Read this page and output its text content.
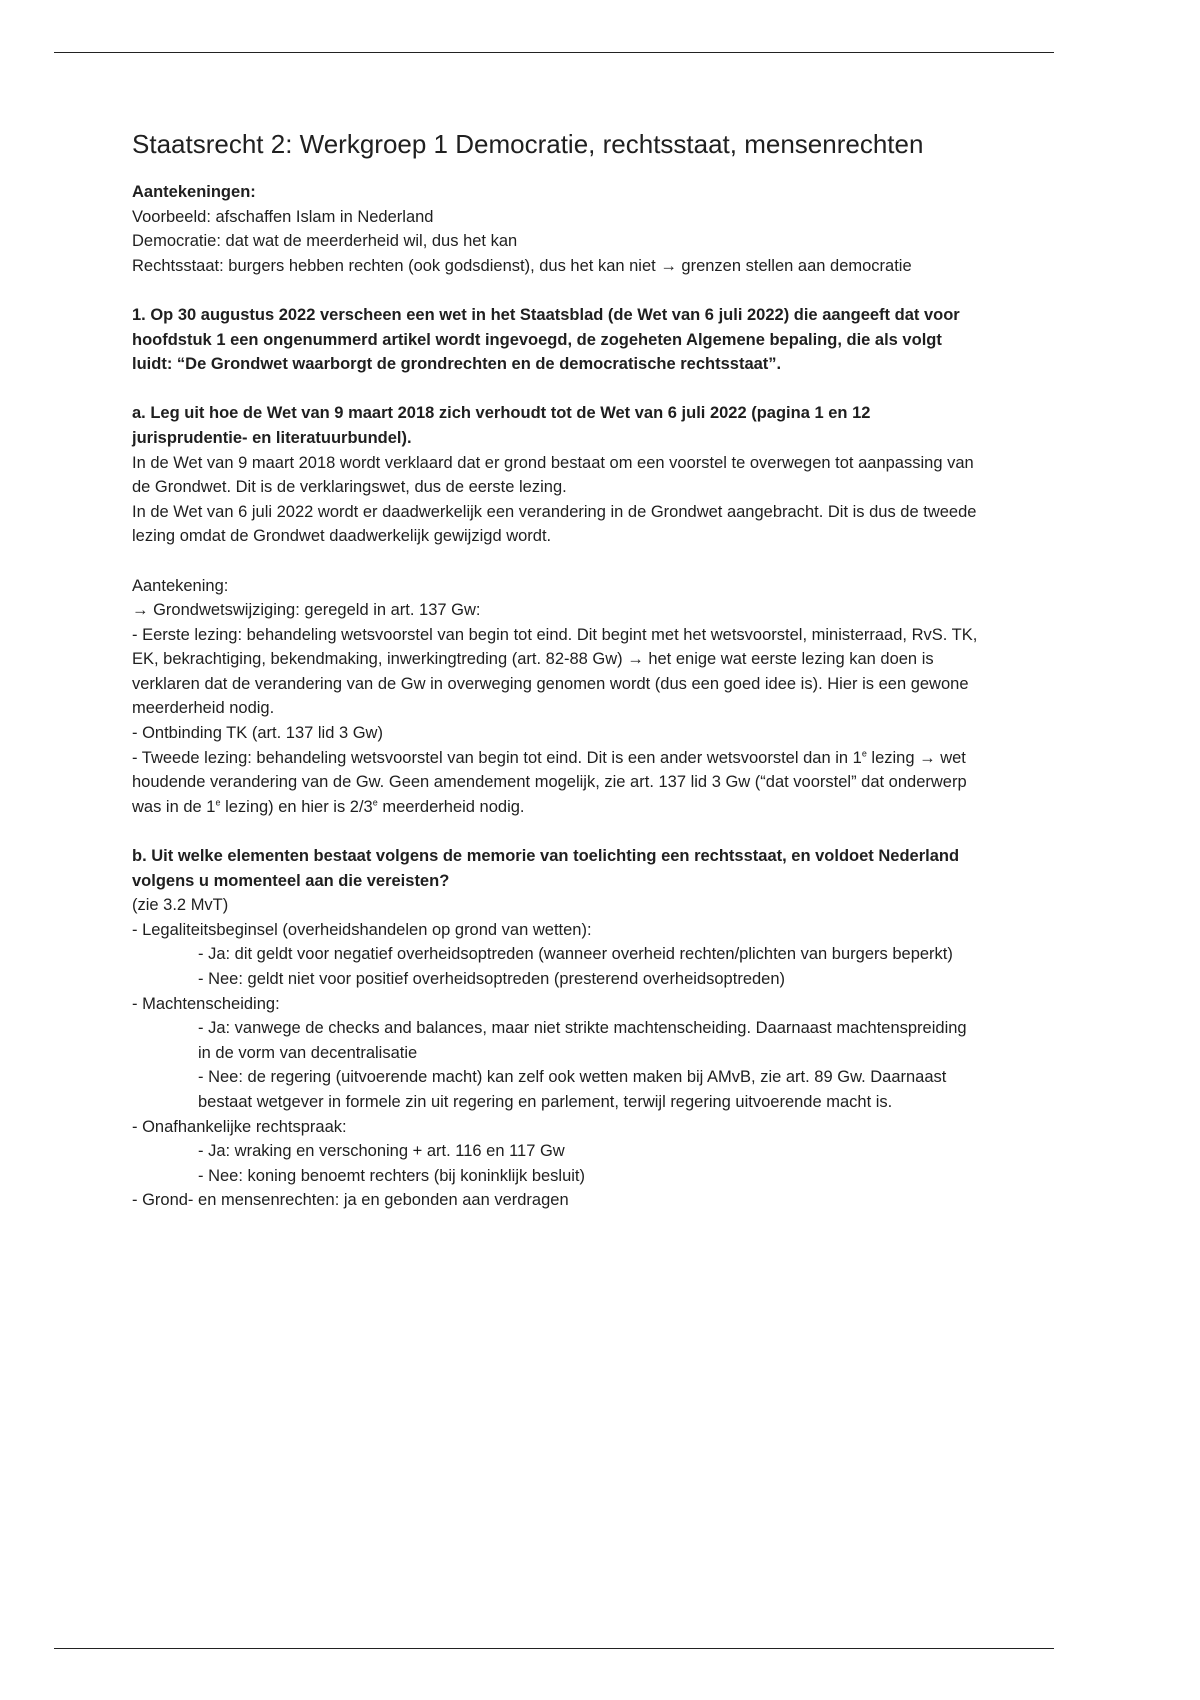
Staatsrecht 2: Werkgroep 1 Democratie, rechtsstaat, mensenrechten

Aantekeningen:

Voorbeeld: afschaffen Islam in Nederland

Democratie: dat wat de meerderheid wil, dus het kan

Rechtsstaat: burgers hebben rechten (ook godsdienst), dus het kan niet → grenzen stellen aan democratie

1. Op 30 augustus 2022 verscheen een wet in het Staatsblad (de Wet van 6 juli 2022) die aangeeft dat voor hoofdstuk 1 een ongenummerd artikel wordt ingevoegd, de zogeheten Algemene bepaling, die als volgt luidt: “De Grondwet waarborgt de grondrechten en de democratische rechtsstaat”.

a. Leg uit hoe de Wet van 9 maart 2018 zich verhoudt tot de Wet van 6 juli 2022 (pagina 1 en 12 jurisprudentie- en literatuurbundel).

In de Wet van 9 maart 2018 wordt verklaard dat er grond bestaat om een voorstel te overwegen tot aanpassing van de Grondwet. Dit is de verklaringswet, dus de eerste lezing.

In de Wet van 6 juli 2022 wordt er daadwerkelijk een verandering in de Grondwet aangebracht. Dit is dus de tweede lezing omdat de Grondwet daadwerkelijk gewijzigd wordt.

Aantekening:

→ Grondwetswijziging: geregeld in art. 137 Gw:

- Eerste lezing: behandeling wetsvoorstel van begin tot eind. Dit begint met het wetsvoorstel, ministerraad, RvS. TK, EK, bekrachtiging, bekendmaking, inwerkingtreding (art. 82-88 Gw) → het enige wat eerste lezing kan doen is verklaren dat de verandering van de Gw in overweging genomen wordt (dus een goed idee is). Hier is een gewone meerderheid nodig.

- Ontbinding TK (art. 137 lid 3 Gw)

- Tweede lezing: behandeling wetsvoorstel van begin tot eind. Dit is een ander wetsvoorstel dan in 1e lezing → wet houdende verandering van de Gw. Geen amendement mogelijk, zie art. 137 lid 3 Gw (“dat voorstel” dat onderwerp was in de 1e lezing) en hier is 2/3e meerderheid nodig.

b. Uit welke elementen bestaat volgens de memorie van toelichting een rechtsstaat, en voldoet Nederland volgens u momenteel aan die vereisten?

(zie 3.2 MvT)

- Legaliteitsbeginsel (overheidshandelen op grond van wetten):

- Ja: dit geldt voor negatief overheidsoptreden (wanneer overheid rechten/plichten van burgers beperkt)

- Nee: geldt niet voor positief overheidsoptreden (presterend overheidsoptreden)

- Machtenscheiding:

- Ja: vanwege de checks and balances, maar niet strikte machtenscheiding. Daarnaast machtenspreiding in de vorm van decentralisatie

- Nee: de regering (uitvoerende macht) kan zelf ook wetten maken bij AMvB, zie art. 89 Gw. Daarnaast bestaat wetgever in formele zin uit regering en parlement, terwijl regering uitvoerende macht is.

- Onafhankelijke rechtspraak:

- Ja: wraking en verschoning + art. 116 en 117 Gw

- Nee: koning benoemt rechters (bij koninklijk besluit)

- Grond- en mensenrechten: ja en gebonden aan verdragen
